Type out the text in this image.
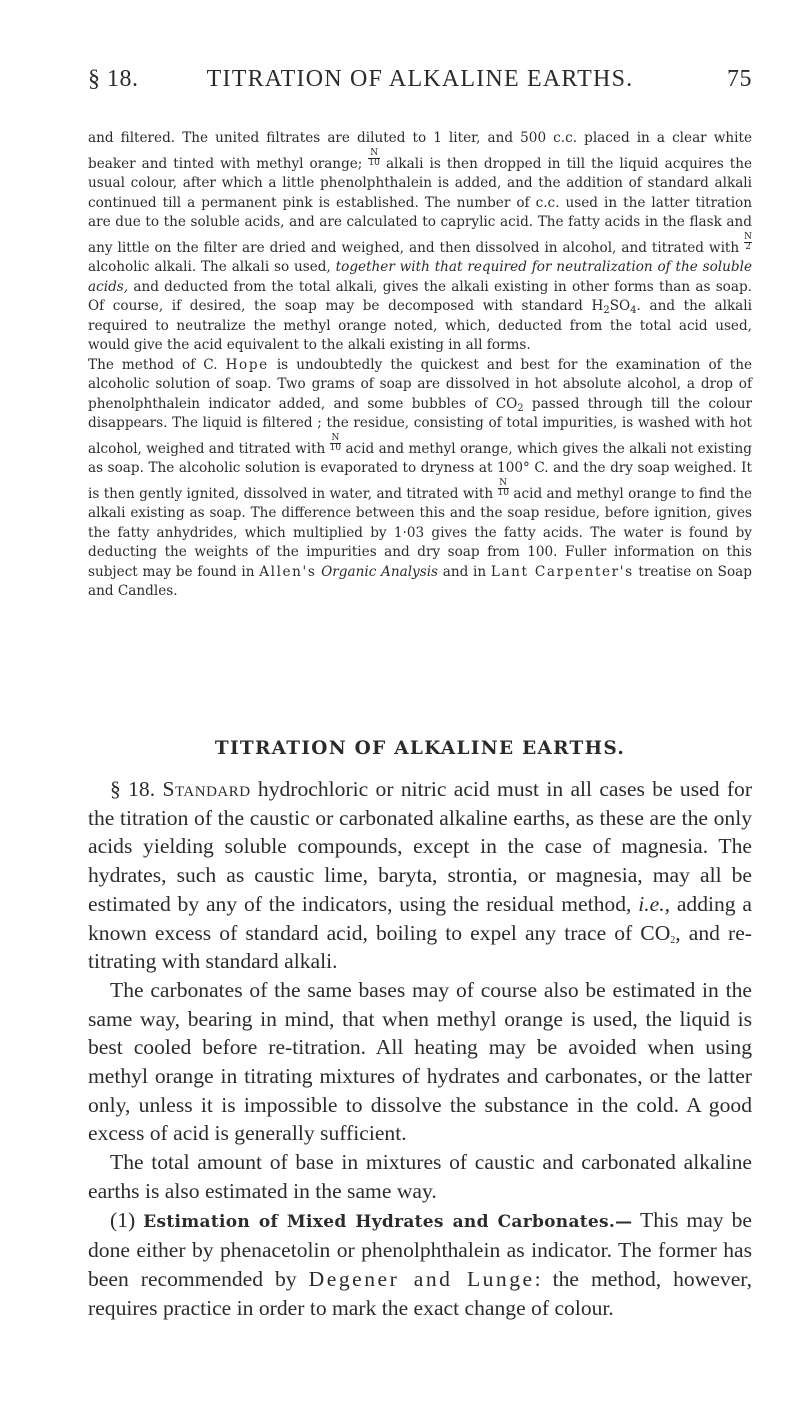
§ 18.	TITRATION OF ALKALINE EARTHS.	75

and filtered. The united filtrates are diluted to 1 liter, and 500 c.c. placed in a clear white beaker and tinted with methyl orange; $\frac{N}{10}$ alkali is then dropped in till the liquid acquires the usual colour, after which a little phenolphthalein is added, and the addition of standard alkali continued till a permanent pink is established. The number of c.c. used in the latter titration are due to the soluble acids, and are calculated to caprylic acid. The fatty acids in the flask and any little on the filter are dried and weighed, and then dissolved in alcohol, and titrated with $\frac{N}{2}$
alcoholic alkali. The alkali so used, together with that required for neutralization of the soluble acids, and deducted from the total alkali, gives the alkali existing in other forms than as soap. Of course, if desired, the soap may be decomposed with standard $H_2SO_4$. and the alkali required to neutralize the methyl orange noted, which, deducted from the total acid used, would give the acid equivalent to the alkali existing in all forms.

The method of C. Hope is undoubtedly the quickest and best for the examination of the alcoholic solution of soap. Two grams of soap are dissolved in hot absolute alcohol, a drop of phenolphthalein indicator added, and some bubbles of $CO_2$ passed through till the colour disappears. The liquid is filtered ; the residue, consisting of total impurities, is washed with hot alcohol, weighed and titrated with $\frac{N}{10}$ acid and methyl orange, which gives the alkali not existing as soap. The alcoholic solution is evaporated to dryness at 100° C. and the dry soap weighed. It is then gently ignited, dissolved in water, and titrated with $\frac{N}{10}$ acid and methyl orange to find the alkali existing as soap. The difference between this and the soap residue, before ignition, gives the fatty anhydrides, which multiplied by 1·03 gives the fatty acids. The water is found by deducting the weights of the impurities and dry soap from 100. Fuller information on this subject may be found in Allen's Organic Analysis and in Lant Carpenter's treatise on Soap and Candles.

TITRATION OF ALKALINE EARTHS.

§ 18. Standard hydrochloric or nitric acid must in all cases be used for the titration of the caustic or carbonated alkaline earths, as these are the only acids yielding soluble compounds, except in the case of magnesia. The hydrates, such as caustic lime, baryta, strontia, or magnesia, may all be estimated by any of the indicators, using the residual method, i.e., adding a known excess of standard acid, boiling to expel any trace of $CO_2$, and re-titrating with standard alkali.

The carbonates of the same bases may of course also be estimated in the same way, bearing in mind, that when methyl orange is used, the liquid is best cooled before re-titration. All heating may be avoided when using methyl orange in titrating mixtures of hydrates and carbonates, or the latter only, unless it is impossible to dissolve the substance in the cold. A good excess of acid is generally sufficient.

The total amount of base in mixtures of caustic and carbonated alkaline earths is also estimated in the same way.

(1) Estimation of Mixed Hydrates and Carbonates.— This may be done either by phenacetolin or phenolphthalein as indicator. The former has been recommended by Degener and Lunge: the method, however, requires practice in order to mark the exact change of colour.
